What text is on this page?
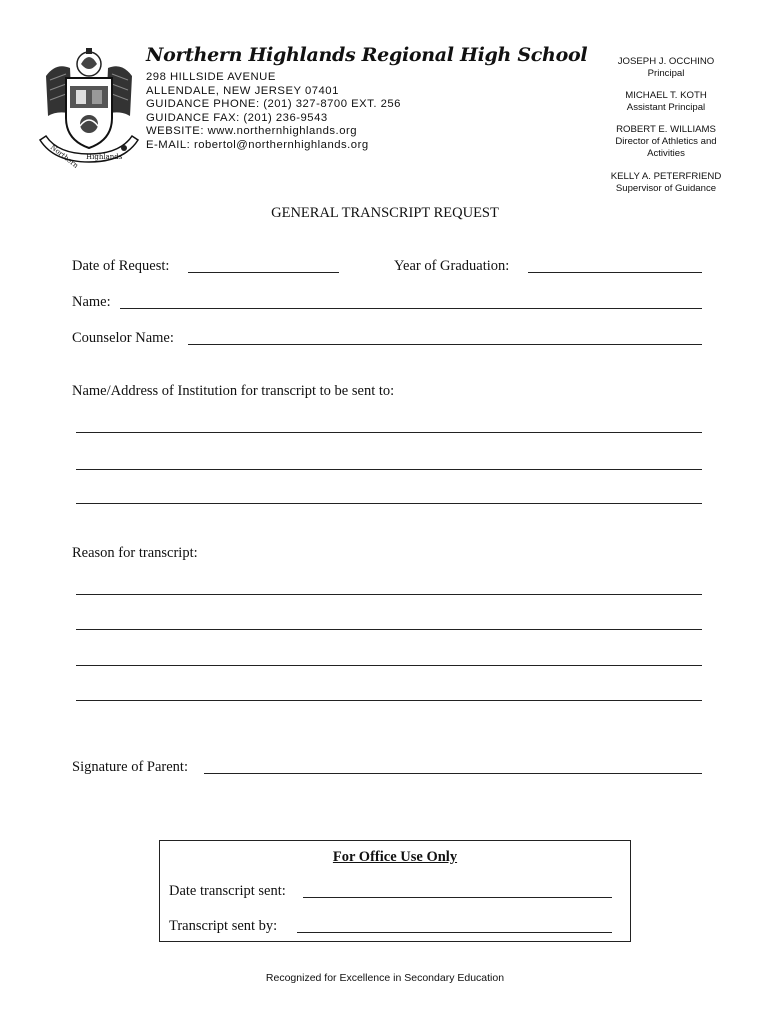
Northern Highlands
Northern Highlands Regional High School
298 HILLSIDE AVENUE
ALLENDALE, NEW JERSEY 07401
GUIDANCE PHONE: (201) 327-8700 EXT. 256
GUIDANCE FAX: (201) 236-9543
WEBSITE: www.northernhighlands.org
E-MAIL: robertol@northernhighlands.org
JOSEPH J. OCCHINO
Principal
MICHAEL T. KOTH
Assistant Principal
ROBERT E. WILLIAMS
Director of Athletics and Activities
KELLY A. PETERFRIEND
Supervisor of Guidance
GENERAL TRANSCRIPT REQUEST
Date of Request:	Year of Graduation:
Name:
Counselor Name:
Name/Address of Institution for transcript to be sent to:
Reason for transcript:
Signature of Parent:
For Office Use Only
Date transcript sent:
Transcript sent by:
Recognized for Excellence in Secondary Education
